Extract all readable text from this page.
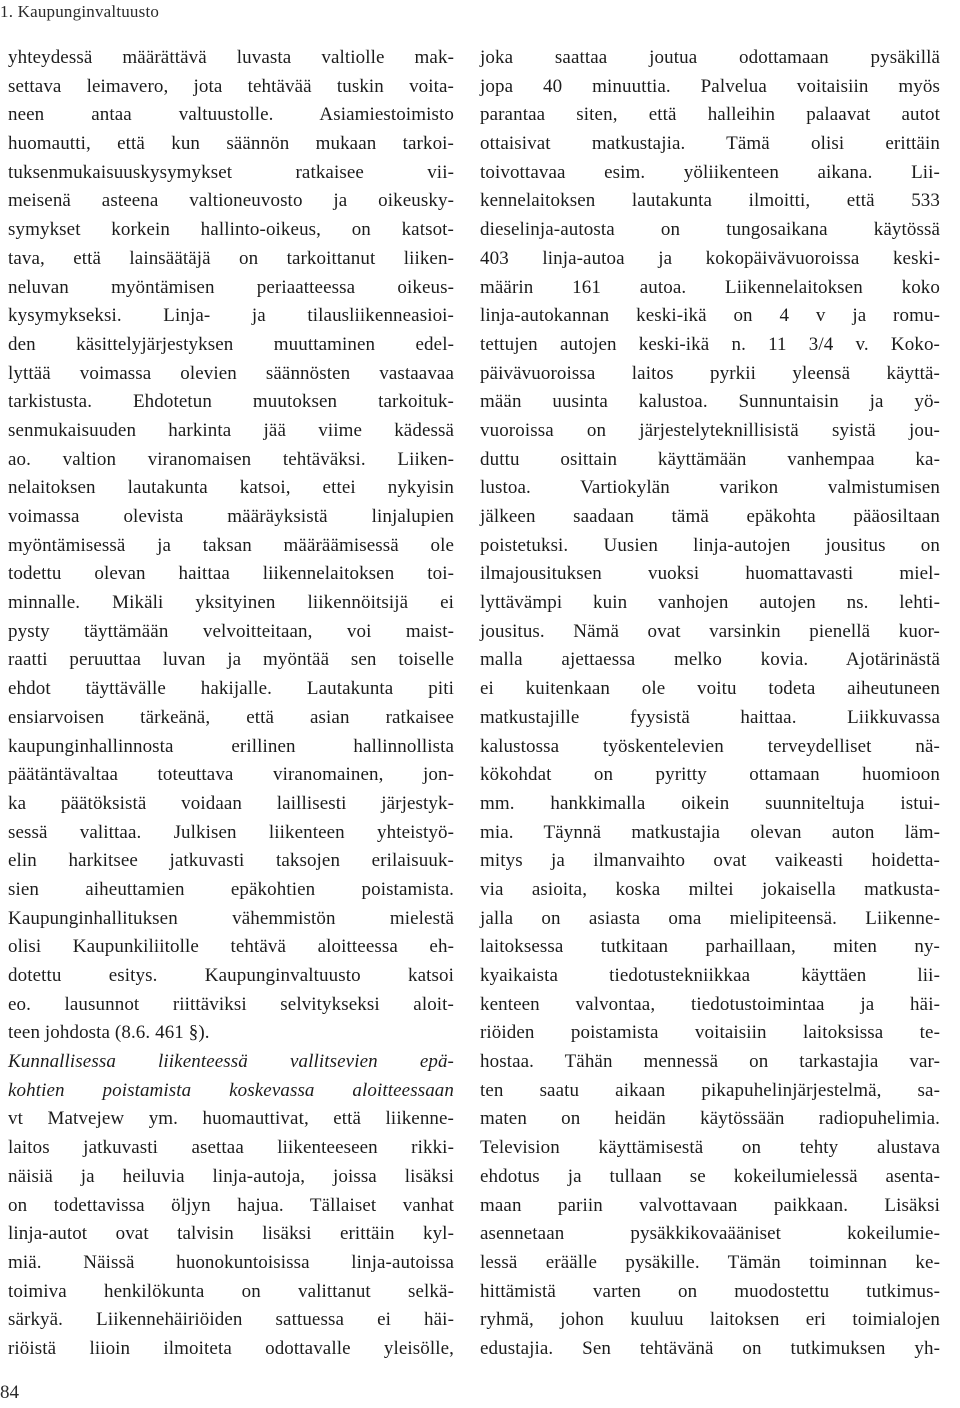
1. Kaupunginvaltuusto
yhteydessä määrättävä luvasta valtiolle mak-
settava leimavero, jota tehtävää tuskin voita-
neen antaa valtuustolle. Asiamiestoimisto
huomautti, että kun säännön mukaan tarkoi-
tuksenmukaisuuskysymykset ratkaisee vii-
meisenä asteena valtioneuvosto ja oikeusky-
symykset korkein hallinto-oikeus, on katsot-
tava, että lainsäätäjä on tarkoittanut liiken-
neluvan myöntämisen periaatteessa oikeus-
kysymykseksi. Linja- ja tilausliikenneasioi-
den käsittelyjärjestyksen muuttaminen edel-
lyttää voimassa olevien säännösten vastaavaa
tarkistusta. Ehdotetun muutoksen tarkoituk-
senmukaisuuden harkinta jää viime kädessä
ao. valtion viranomaisen tehtäväksi. Liiken-
nelaitoksen lautakunta katsoi, ettei nykyisin
voimassa olevista määräyksistä linjalupien
myöntämisessä ja taksan määräämisessä ole
todettu olevan haittaa liikennelaitoksen toi-
minnalle. Mikäli yksityinen liikennöitsijä ei
pysty täyttämään velvoitteitaan, voi maist-
raatti peruuttaa luvan ja myöntää sen toiselle
ehdot täyttävälle hakijalle. Lautakunta piti
ensiarvoisen tärkeänä, että asian ratkaisee
kaupunginhallinnosta erillinen hallinnollista
päätäntävaltaa toteuttava viranomainen, jon-
ka päätöksistä voidaan laillisesti järjestyk-
sessä valittaa. Julkisen liikenteen yhteistyö-
elin harkitsee jatkuvasti taksojen erilaisuuk-
sien aiheuttamien epäkohtien poistamista.
Kaupunginhallituksen vähemmistön mielestä
olisi Kaupunkiliitolle tehtävä aloitteessa eh-
dotettu esitys. Kaupunginvaltuusto katsoi
eo. lausunnot riittäviksi selvitykseksi aloit-
teen johdosta (8.6. 461 §).
Kunnallisessa liikenteessä vallitsevien epä-
kohtien poistamista koskevassa aloitteessaan
vt Matvejew ym. huomauttivat, että liikenne-
laitos jatkuvasti asettaa liikenteeseen rikki-
näisiä ja heiluvia linja-autoja, joissa lisäksi
on todettavissa öljyn hajua. Tällaiset vanhat
linja-autot ovat talvisin lisäksi erittäin kyl-
miä. Näissä huonokuntoisissa linja-autoissa
toimiva henkilökunta on valittanut selkä-
särkyä. Liikennehäiriöiden sattuessa ei häi-
riöistä liioin ilmoiteta odottavalle yleisölle,
joka saattaa joutua odottamaan pysäkillä
jopa 40 minuuttia. Palvelua voitaisiin myös
parantaa siten, että halleihin palaavat autot
ottaisivat matkustajia. Tämä olisi erittäin
toivottavaa esim. yöliikenteen aikana. Lii-
kennelaitoksen lautakunta ilmoitti, että 533
dieselinja-autosta on tungosaikana käytössä
403 linja-autoa ja kokopäivävuoroissa keski-
määrin 161 autoa. Liikennelaitoksen koko
linja-autokannan keski-ikä on 4 v ja romu-
tettujen autojen keski-ikä n. 11 3/4 v. Koko-
päivävuoroissa laitos pyrkii yleensä käyttä-
mään uusinta kalustoa. Sunnuntaisin ja yö-
vuoroissa on järjestelyteknillisistä syistä jou-
duttu osittain käyttämään vanhempaa ka-
lustoa. Vartiokylän varikon valmistumisen
jälkeen saadaan tämä epäkohta pääosiltaan
poistetuksi. Uusien linja-autojen jousitus on
ilmajousituksen vuoksi huomattavasti miel-
lyttävämpi kuin vanhojen autojen ns. lehti-
jousitus. Nämä ovat varsinkin pienellä kuor-
malla ajettaessa melko kovia. Ajotärinästä
ei kuitenkaan ole voitu todeta aiheutuneen
matkustajille fyysistä haittaa. Liikkuvassa
kalustossa työskentelevien terveydelliset nä-
kökohdat on pyritty ottamaan huomioon
mm. hankkimalla oikein suunniteltuja istui-
mia. Täynnä matkustajia olevan auton läm-
mitys ja ilmanvaihto ovat vaikeasti hoidetta-
via asioita, koska miltei jokaisella matkusta-
jalla on asiasta oma mielipiteensä. Liikenne-
laitoksessa tutkitaan parhaillaan, miten ny-
kyaikaista tiedotustekniikkaa käyttäen lii-
kenteen valvontaa, tiedotustoimintaa ja häi-
riöiden poistamista voitaisiin laitoksissa te-
hostaa. Tähän mennessä on tarkastajia var-
ten saatu aikaan pikapuhelinjärjestelmä, sa-
maten on heidän käytössään radiopuhelimia.
Television käyttämisestä on tehty alustava
ehdotus ja tullaan se kokeilumielessä asenta-
maan pariin valvottavaan paikkaan. Lisäksi
asennetaan pysäkkikovaääniset kokeilumie-
lessä eräälle pysäkille. Tämän toiminnan ke-
hittämistä varten on muodostettu tutkimus-
ryhmä, johon kuuluu laitoksen eri toimialojen
edustajia. Sen tehtävänä on tutkimuksen yh-
84
